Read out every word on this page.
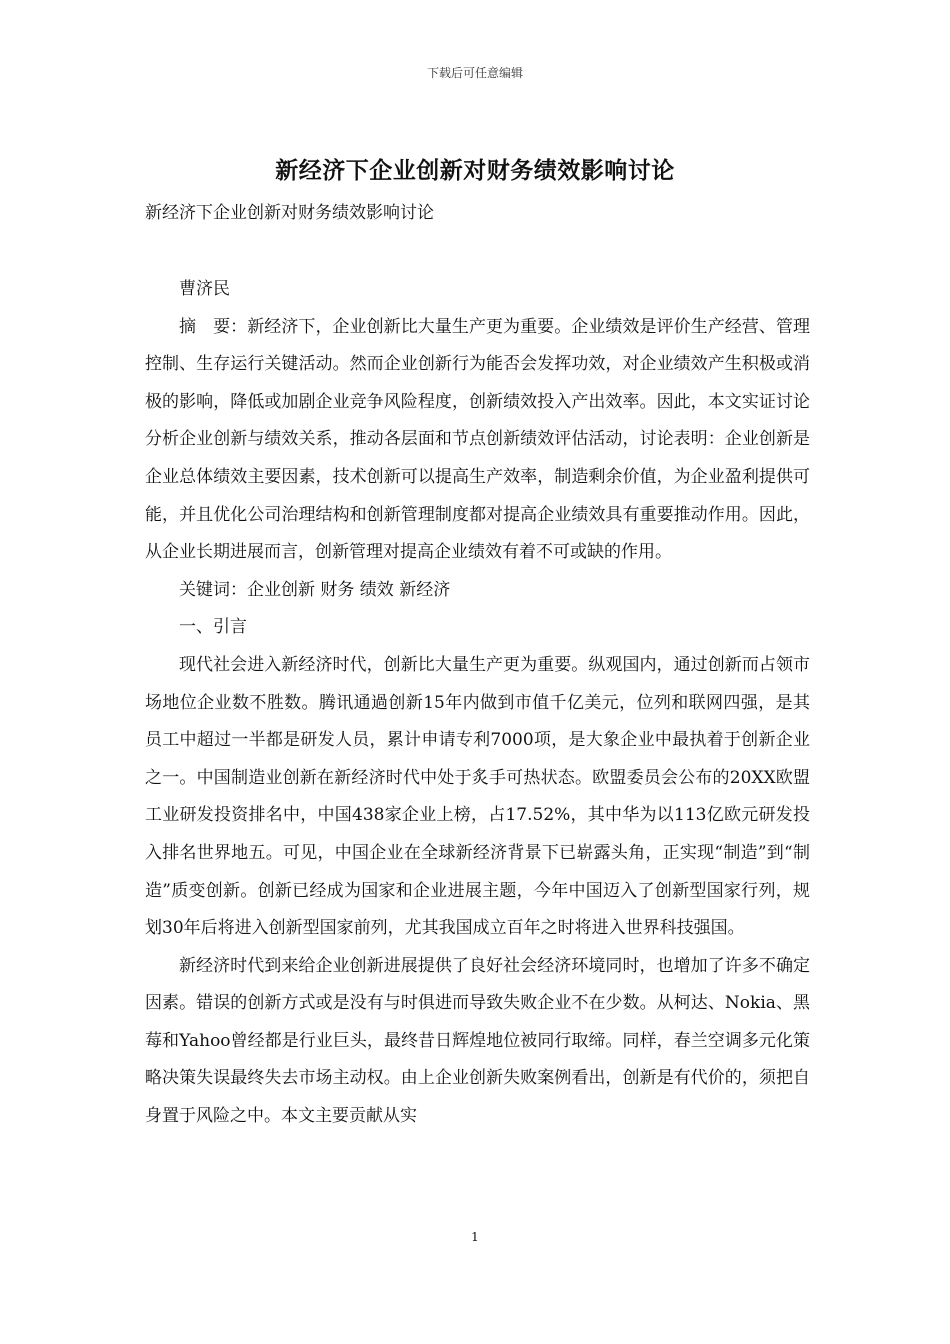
下载后可任意编辑
新经济下企业创新对财务绩效影响讨论
新经济下企业创新对财务绩效影响讨论

曹济民

摘　要：新经济下，企业创新比大量生产更为重要。企业绩效是评价生产经营、管理控制、生存运行关键活动。然而企业创新行为能否会发挥功效，对企业绩效产生积极或消极的影响，降低或加剧企业竞争风险程度，创新绩效投入产出效率。因此，本文实证讨论分析企业创新与绩效关系，推动各层面和节点创新绩效评估活动，讨论表明：企业创新是企业总体绩效主要因素，技术创新可以提高生产效率，制造剩余价值，为企业盈利提供可能，并且优化公司治理结构和创新管理制度都对提高企业绩效具有重要推动作用。因此，从企业长期进展而言，创新管理对提高企业绩效有着不可或缺的作用。

关键词：企业创新 财务 绩效 新经济

一、引言

现代社会进入新经济时代，创新比大量生产更为重要。纵观国内，通过创新而占领市场地位企业数不胜数。腾讯通過创新15年内做到市值千亿美元，位列和联网四强，是其员工中超过一半都是研发人员，累计申请专利7000项，是大象企业中最执着于创新企业之一。中国制造业创新在新经济时代中处于炙手可热状态。欧盟委员会公布的20XX欧盟工业研发投资排名中，中国438家企业上榜，占17.52%，其中华为以113亿欧元研发投入排名世界地五。可见，中国企业在全球新经济背景下已崭露头角，正实现“制造”到“制造”质变创新。创新已经成为国家和企业进展主题，今年中国迈入了创新型国家行列，规划30年后将进入创新型国家前列，尤其我国成立百年之时将进入世界科技强国。

新经济时代到来给企业创新进展提供了良好社会经济环境同时，也增加了许多不确定因素。错误的创新方式或是没有与时俱进而导致失败企业不在少数。从柯达、Nokia、黑莓和Yahoo曾经都是行业巨头，最终昔日辉煌地位被同行取缔。同样，春兰空调多元化策略决策失误最终失去市场主动权。由上企业创新失败案例看出，创新是有代价的，须把自身置于风险之中。本文主要贡献从实

1
